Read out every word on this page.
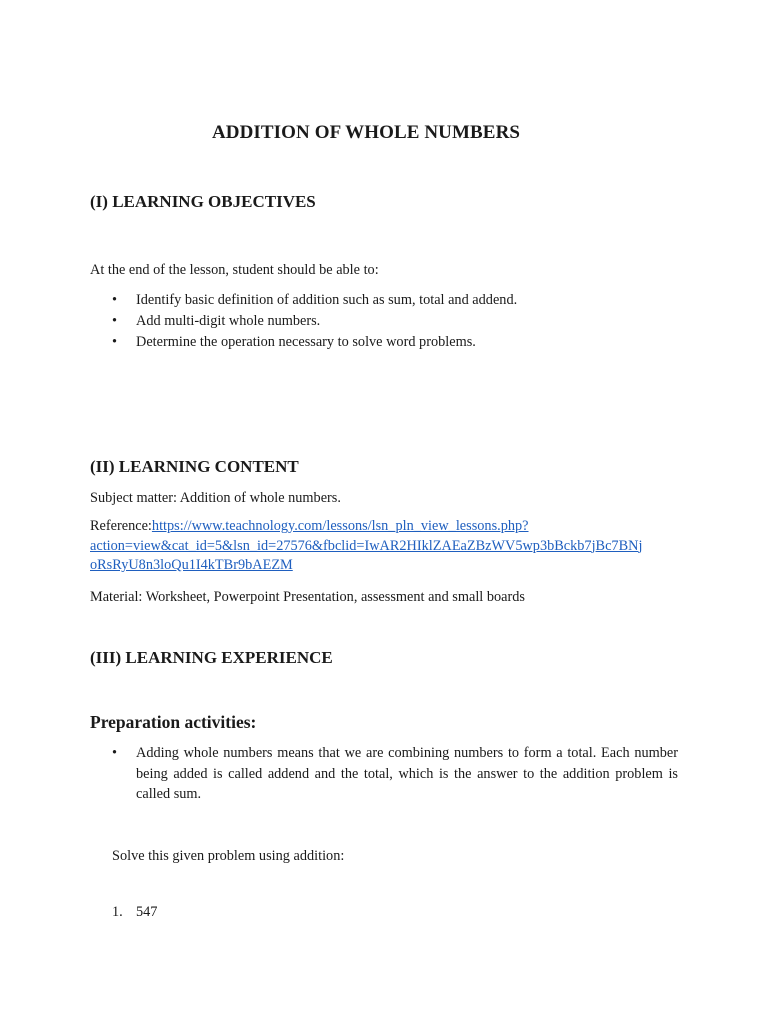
ADDITION OF WHOLE NUMBERS
(I) LEARNING OBJECTIVES
At the end of the lesson, student should be able to:
• Identify basic definition of addition such as sum, total and addend.
• Add multi-digit whole numbers.
• Determine the operation necessary to solve word problems.
(II) LEARNING CONTENT
Subject matter: Addition of whole numbers.
Reference:https://www.teachnology.com/lessons/lsn_pln_view_lessons.php?
action=view&cat_id=5&lsn_id=27576&fbclid=IwAR2HIklZAEaZBzWV5wp3bBckb7jBc7BNj
oRsRyU8n3loQu1I4kTBr9bAEZM
Material: Worksheet, Powerpoint Presentation, assessment and small boards
(III) LEARNING EXPERIENCE
Preparation activities:
• Adding whole numbers means that we are combining numbers to form a total. Each number being added is called addend and the total, which is the answer to the addition problem is called sum.
Solve this given problem using addition:
1. 547
